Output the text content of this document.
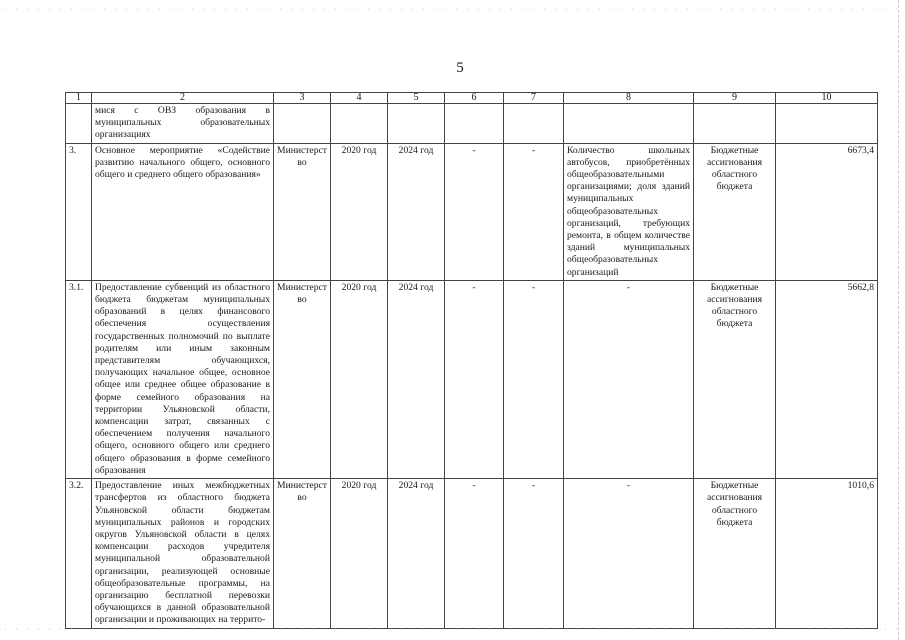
5
1	2	3	4	5	6	7	8	9	10
	мися с ОВЗ образования в муниципальных образовательных организациях								
3.	Основное мероприятие «Содействие развитию начального общего, основного общего и среднего общего образования»	Министерство	2020 год	2024 год	-	-	Количество школьных автобусов, приобретённых общеобразовательными организациями; доля зданий муниципальных общеобразовательных организаций, требующих ремонта, в общем количестве зданий муниципальных общеобразовательных организаций	Бюджетные ассигнования областного бюджета	6673,4
3.1.	Предоставление субвенций из областного бюджета бюджетам муниципальных образований в целях финансового обеспечения осуществления государственных полномочий по выплате родителям или иным законным представителям обучающихся, получающих начальное общее, основное общее или среднее общее образование в форме семейного образования на территории Ульяновской области, компенсации затрат, связанных с обеспечением получения начального общего, основного общего или среднего общего образования в форме семейного образования	Министерство	2020 год	2024 год	-	-	-	Бюджетные ассигнования областного бюджета	5662,8
3.2.	Предоставление иных межбюджетных трансфертов из областного бюджета Ульяновской области бюджетам муниципальных районов и городских округов Ульяновской области в целях компенсации расходов учредителя муниципальной образовательной организации, реализующей основные общеобразовательные программы, на организацию бесплатной перевозки обучающихся в данной образовательной организации и проживающих на террито-	Министерство	2020 год	2024 год	-	-	-	Бюджетные ассигнования областного бюджета	1010,6
